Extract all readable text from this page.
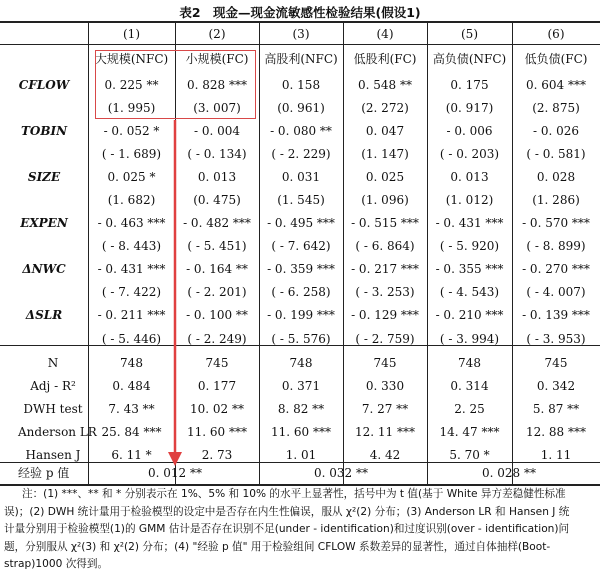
表2　现金—现金流敏感性检验结果(假设1)
	(1)	(2)	(3)	(4)	(5)	(6)
	大规模(NFC)	小规模(FC)	高股利(NFC)	低股利(FC)	高负债(NFC)	低负债(FC)
CFLOW	0. 225 **	0. 828 ***	0. 158	0. 548 **	0. 175	0. 604 ***
	(1. 995)	(3. 007)	(0. 961)	(2. 272)	(0. 917)	(2. 875)
TOBIN	- 0. 052 *	- 0. 004	- 0. 080 **	0. 047	- 0. 006	- 0. 026
	( - 1. 689)	( - 0. 134)	( - 2. 229)	(1. 147)	( - 0. 203)	( - 0. 581)
SIZE	0. 025 *	0. 013	0. 031	0. 025	0. 013	0. 028
	(1. 682)	(0. 475)	(1. 545)	(1. 096)	(1. 012)	(1. 286)
EXPEN	- 0. 463 ***	- 0. 482 ***	- 0. 495 ***	- 0. 515 ***	- 0. 431 ***	- 0. 570 ***
	( - 8. 443)	( - 5. 451)	( - 7. 642)	( - 6. 864)	( - 5. 920)	( - 8. 899)
ΔNWC	- 0. 431 ***	- 0. 164 **	- 0. 359 ***	- 0. 217 ***	- 0. 355 ***	- 0. 270 ***
	( - 7. 422)	( - 2. 201)	( - 6. 258)	( - 3. 253)	( - 4. 543)	( - 4. 007)
ΔSLR	- 0. 211 ***	- 0. 100 **	- 0. 199 ***	- 0. 129 ***	- 0. 210 ***	- 0. 139 ***
	( - 5. 446)	( - 2. 249)	( - 5. 576)	( - 2. 759)	( - 3. 994)	( - 3. 953)
N	748	745	748	745	748	745
Adj - R²	0. 484	0. 177	0. 371	0. 330	0. 314	0. 342
DWH test	7. 43 **	10. 02 **	8. 82 **	7. 27 **	2. 25	5. 87 **
Anderson LR	25. 84 ***	11. 60 ***	11. 60 ***	12. 11 ***	14. 47 ***	12. 88 ***
Hansen J	6. 11 *	2. 73	1. 01	4. 42	5. 70 *	1. 11
经验 p 值	0. 012 **	0. 032 **	0. 028 **
注：(1) ***、** 和 * 分别表示在 1%、5% 和 10% 的水平上显著性，括号中为 t 值(基于 White 异方差稳健性标准
误)；(2) DWH 统计量用于检验模型的设定中是否存在内生性偏误，服从 χ²(2) 分布；(3) Anderson LR 和 Hansen J 统
计量分别用于检验模型(1)的 GMM 估计是否存在识别不足(under - identification)和过度识别(over - identification)问
题，分别服从 χ²(3) 和 χ²(2) 分布；(4) "经验 p 值" 用于检验组间 CFLOW 系数差异的显著性，通过自体抽样(Boot-
strap)1000 次得到。
